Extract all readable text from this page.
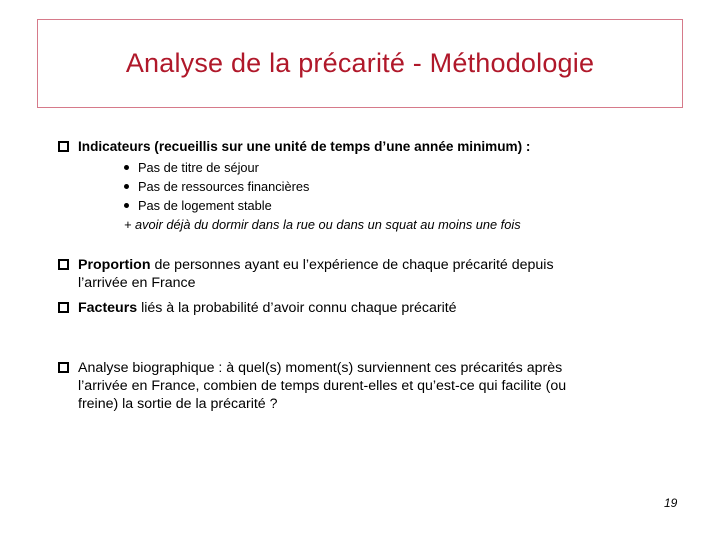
Analyse de la précarité - Méthodologie
Indicateurs (recueillis sur une unité de temps d’une année minimum) :
Pas de titre de séjour
Pas de ressources financières
Pas de logement stable
+ avoir déjà du dormir dans la rue ou dans un squat au moins une fois
Proportion de personnes ayant eu l’expérience de chaque précarité depuis
l’arrivée en France
Facteurs liés à la probabilité d’avoir connu chaque précarité
Analyse biographique : à quel(s) moment(s) surviennent ces précarités après
l’arrivée en France, combien de temps durent-elles et qu’est-ce qui facilite (ou
freine) la sortie de la précarité ?
19
